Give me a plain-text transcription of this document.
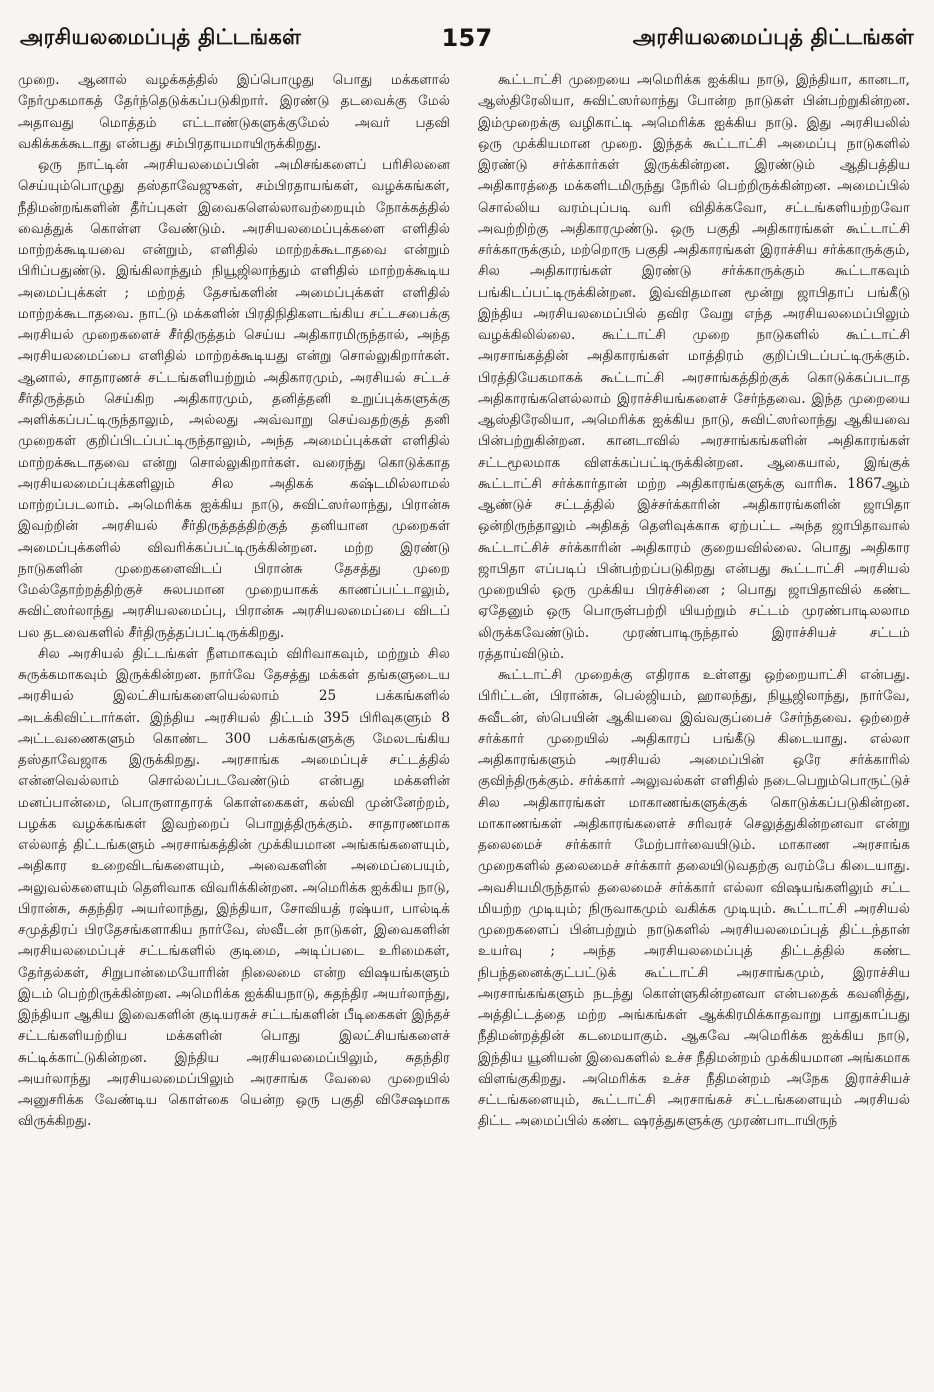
அரசியலமைப்புத் திட்டங்கள்	157	அரசியலமைப்புத் திட்டங்கள்

முறை. ஆனால் வழக்கத்தில் இப்பொழுது பொது மக்களால் நேர்முகமாகத் தேர்ந்தெடுக்கப்படுகிறார். இரண்டு தடவைக்கு மேல் அதாவது மொத்தம் எட்டாண்டுகளுக்குமேல் அவர் பதவி வகிக்கக்கூடாது என்பது சம்பிரதாயமாயிருக்கிறது.

ஒரு நாட்டின் அரசியலமைப்பின் அமிசங்களைப் பரிசிலனை செய்யும்பொழுது தஸ்தாவேஜுகள், சம்பிரதாயங்கள், வழக்கங்கள், நீதிமன்றங்களின் தீர்ப்புகள் இவைகளெல்லாவற்றையும் நோக்கத்தில் வைத்துக் கொள்ள வேண்டும். அரசியலமைப்புக்களை எளிதில் மாற்றக்கூடியவை என்றும், எளிதில் மாற்றக்கூடாதவை என்றும் பிரிப்பதுண்டு. இங்கிலாந்தும் நியூஜிலாந்தும் எளிதில் மாற்றக்கூடிய அமைப்புக்கள் ; மற்றத் தேசங்களின் அமைப்புக்கள் எளிதில் மாற்றக்கூடாதவை. நாட்டு மக்களின் பிரதிநிதிகளடங்கிய சட்டசபைக்கு அரசியல் முறைகளைச் சீர்திருத்தம் செய்ய அதிகாரமிருந்தால், அந்த அரசியலமைப்பை எளிதில் மாற்றக்கூடியது என்று சொல்லுகிறார்கள். ஆனால், சாதாரணச் சட்டங்களியற்றும் அதிகாரமும், அரசியல் சட்டச் சீர்திருத்தம் செய்கிற அதிகாரமும், தனித்தனி உறுப்புக்களுக்கு அளிக்கப்பட்டிருந்தாலும், அல்லது அவ்வாறு செய்வதற்குத் தனி முறைகள் குறிப்பிடப்பட்டிருந்தாலும், அந்த அமைப்புக்கள் எளிதில் மாற்றக்கூடாதவை என்று சொல்லுகிறார்கள். வரைந்து கொடுக்காத அரசியலமைப்புக்களிலும் சில அதிகக் கஷ்டமில்லாமல் மாற்றப்படலாம். அமெரிக்க ஐக்கிய நாடு, சுவிட்ஸர்லாந்து, பிரான்சு இவற்றின் அரசியல் சீர்திருத்தத்திற்குத் தனியான முறைகள் அமைப்புக்களில் விவரிக்கப்பட்டிருக்கின்றன. மற்ற இரண்டு நாடுகளின் முறைகளைவிடப் பிரான்சு தேசத்து முறை மேல்தோற்றத்திற்குச் சுலபமான முறையாகக் காணப்பட்டாலும், சுவிட்ஸர்லாந்து அரசியலமைப்பு, பிரான்சு அரசியலமைப்பை விடப் பல தடவைகளில் சீர்திருத்தப்பட்டிருக்கிறது.

சில அரசியல் திட்டங்கள் நீளமாகவும் விரிவாகவும், மற்றும் சில சுருக்கமாகவும் இருக்கின்றன. நார்வே தேசத்து மக்கள் தங்களுடைய அரசியல் இலட்சியங்களையெல்லாம் 25 பக்கங்களில் அடக்கிவிட்டார்கள். இந்திய அரசியல் திட்டம் 395 பிரிவுகளும் 8 அட்டவணைகளும் கொண்ட 300 பக்கங்களுக்கு மேலடங்கிய தஸ்தாவேஜாக இருக்கிறது. அரசாங்க அமைப்புச் சட்டத்தில் என்னவெல்லாம் சொல்லப்படவேண்டும் என்பது மக்களின் மனப்பான்மை, பொருளாதாரக் கொள்கைகள், கல்வி முன்னேற்றம், பழக்க வழக்கங்கள் இவற்றைப் பொறுத்திருக்கும். சாதாரணமாக எல்லாத் திட்டங்களும் அரசாங்கத்தின் முக்கியமான அங்கங்களையும், அதிகார உறைவிடங்களையும், அவைகளின் அமைப்பையும், அலுவல்களையும் தெளிவாக விவரிக்கின்றன. அமெரிக்க ஐக்கிய நாடு, பிரான்சு, சுதந்திர அயர்லாந்து, இந்தியா, சோவியத் ரஷ்யா, பால்டிக் சமுத்திரப் பிரதேசங்களாகிய நார்வே, ஸ்வீடன் நாடுகள், இவைகளின் அரசியலமைப்புச் சட்டங்களில் குடிமை, அடிப்படை உரிமைகள், தேர்தல்கள், சிறுபான்மையோரின் நிலைமை என்ற விஷயங்களும் இடம் பெற்றிருக்கின்றன. அமெரிக்க ஐக்கியநாடு, சுதந்திர அயர்லாந்து, இந்தியா ஆகிய இவைகளின் குடியரசுச் சட்டங்களின் பீடிகைகள் இந்தச் சட்டங்களியற்றிய மக்களின் பொது இலட்சியங்களைச் சுட்டிக்காட்டுகின்றன. இந்திய அரசியலமைப்பிலும், சுதந்திர அயர்லாந்து அரசியலமைப்பிலும் அரசாங்க வேலை முறையில் அனுசரிக்க வேண்டிய கொள்கை யென்ற ஒரு பகுதி விசேஷமாக விருக்கிறது.

கூட்டாட்சி முறையை அமெரிக்க ஐக்கிய நாடு, இந்தியா, கானடா, ஆஸ்திரேலியா, சுவிட்ஸர்லாந்து போன்ற நாடுகள் பின்பற்றுகின்றன. இம்முறைக்கு வழிகாட்டி அமெரிக்க ஐக்கிய நாடு. இது அரசியலில் ஒரு முக்கியமான முறை. இந்தக் கூட்டாட்சி அமைப்பு நாடுகளில் இரண்டு சர்க்கார்கள் இருக்கின்றன. இரண்டும் ஆதிபத்திய அதிகாரத்தை மக்களிடமிருந்து நேரில் பெற்றிருக்கின்றன. அமைப்பில் சொல்லிய வரம்புப்படி வரி விதிக்கவோ, சட்டங்களியற்றவோ அவற்றிற்கு அதிகாரமுண்டு. ஒரு பகுதி அதிகாரங்கள் கூட்டாட்சி சர்க்காருக்கும், மற்றொரு பகுதி அதிகாரங்கள் இராச்சிய சர்க்காருக்கும், சில அதிகாரங்கள் இரண்டு சர்க்காருக்கும் கூட்டாகவும் பங்கிடப்பட்டிருக்கின்றன. இவ்விதமான மூன்று ஜாபிதாப் பங்கீடு இந்திய அரசியலமைப்பில் தவிர வேறு எந்த அரசியலமைப்பிலும் வழக்கிலில்லை. கூட்டாட்சி முறை நாடுகளில் கூட்டாட்சி அரசாங்கத்தின் அதிகாரங்கள் மாத்திரம் குறிப்பிடப்பட்டிருக்கும். பிரத்தியேகமாகக் கூட்டாட்சி அரசாங்கத்திற்குக் கொடுக்கப்படாத அதிகாரங்களெல்லாம் இராச்சியங்களைச் சேர்ந்தவை. இந்த முறையை ஆஸ்திரேலியா, அமெரிக்க ஐக்கிய நாடு, சுவிட்ஸர்லாந்து ஆகியவை பின்பற்றுகின்றன. கானடாவில் அரசாங்கங்களின் அதிகாரங்கள் சட்டமூலமாக விளக்கப்பட்டிருக்கின்றன. ஆகையால், இங்குக் கூட்டாட்சி சர்க்கார்தான் மற்ற அதிகாரங்களுக்கு வாரிசு. 1867ஆம் ஆண்டுச் சட்டத்தில் இச்சர்க்காரின் அதிகாரங்களின் ஜாபிதா ஒன்றிருந்தாலும் அதிகத் தெளிவுக்காக ஏற்பட்ட அந்த ஜாபிதாவால் கூட்டாட்சிச் சர்க்காரின் அதிகாரம் குறையவில்லை. பொது அதிகார ஜாபிதா எப்படிப் பின்பற்றப்படுகிறது என்பது கூட்டாட்சி அரசியல் முறையில் ஒரு முக்கிய பிரச்சினை ; பொது ஜாபிதாவில் கண்ட ஏதேனும் ஒரு பொருள்பற்றி யியற்றும் சட்டம் முரண்பாடிலலாம லிருக்கவேண்டும். முரண்பாடிருந்தால் இராச்சியச் சட்டம் ரத்தாய்விடும்.

கூட்டாட்சி முறைக்கு எதிராக உள்ளது ஒற்றையாட்சி என்பது. பிரிட்டன், பிரான்சு, பெல்ஜியம், ஹாலந்து, நியூஜிலாந்து, நார்வே, சுவீடன், ஸ்பெயின் ஆகியவை இவ்வகுப்பைச் சேர்ந்தவை. ஒற்றைச் சர்க்கார் முறையில் அதிகாரப் பங்கீடு கிடையாது. எல்லா அதிகாரங்களும் அரசியல் அமைப்பின் ஒரே சர்க்காரில் குவிந்திருக்கும். சர்க்கார் அலுவல்கள் எளிதில் நடைபெறும்பொருட்டுச் சில அதிகாரங்கள் மாகாணங்களுக்குக் கொடுக்கப்படுகின்றன. மாகாணங்கள் அதிகாரங்களைச் சரிவரச் செலுத்துகின்றனவா என்று தலைமைச் சர்க்கார் மேற்பார்வையிடும். மாகாண அரசாங்க முறைகளில் தலைமைச் சர்க்கார் தலையிடுவதற்கு வரம்பே கிடையாது. அவசியமிருந்தால் தலைமைச் சர்க்கார் எல்லா விஷயங்களிலும் சட்ட மியற்ற முடியும்; நிருவாகமும் வகிக்க முடியும். கூட்டாட்சி அரசியல் முறைகளைப் பின்பற்றும் நாடுகளில் அரசியலமைப்புத் திட்டந்தான் உயர்வு ; அந்த அரசியலமைப்புத் திட்டத்தில் கண்ட நிபந்தனைக்குட்பட்டுக் கூட்டாட்சி அரசாங்கமும், இராச்சிய அரசாங்கங்களும் நடந்து கொள்ளுகின்றனவா என்பதைக் கவனித்து, அத்திட்டத்தை மற்ற அங்கங்கள் ஆக்கிரமிக்காதவாறு பாதுகாப்பது நீதிமன்றத்தின் கடமையாகும். ஆகவே அமெரிக்க ஐக்கிய நாடு, இந்திய யூனியன் இவைகளில் உச்ச நீதிமன்றம் முக்கியமான அங்கமாக விளங்குகிறது. அமெரிக்க உச்ச நீதிமன்றம் அநேக இராச்சியச் சட்டங்களையும், கூட்டாட்சி அரசாங்கச் சட்டங்களையும் அரசியல் திட்ட அமைப்பில் கண்ட ஷரத்துகளுக்கு முரண்பாடாயிருந்
